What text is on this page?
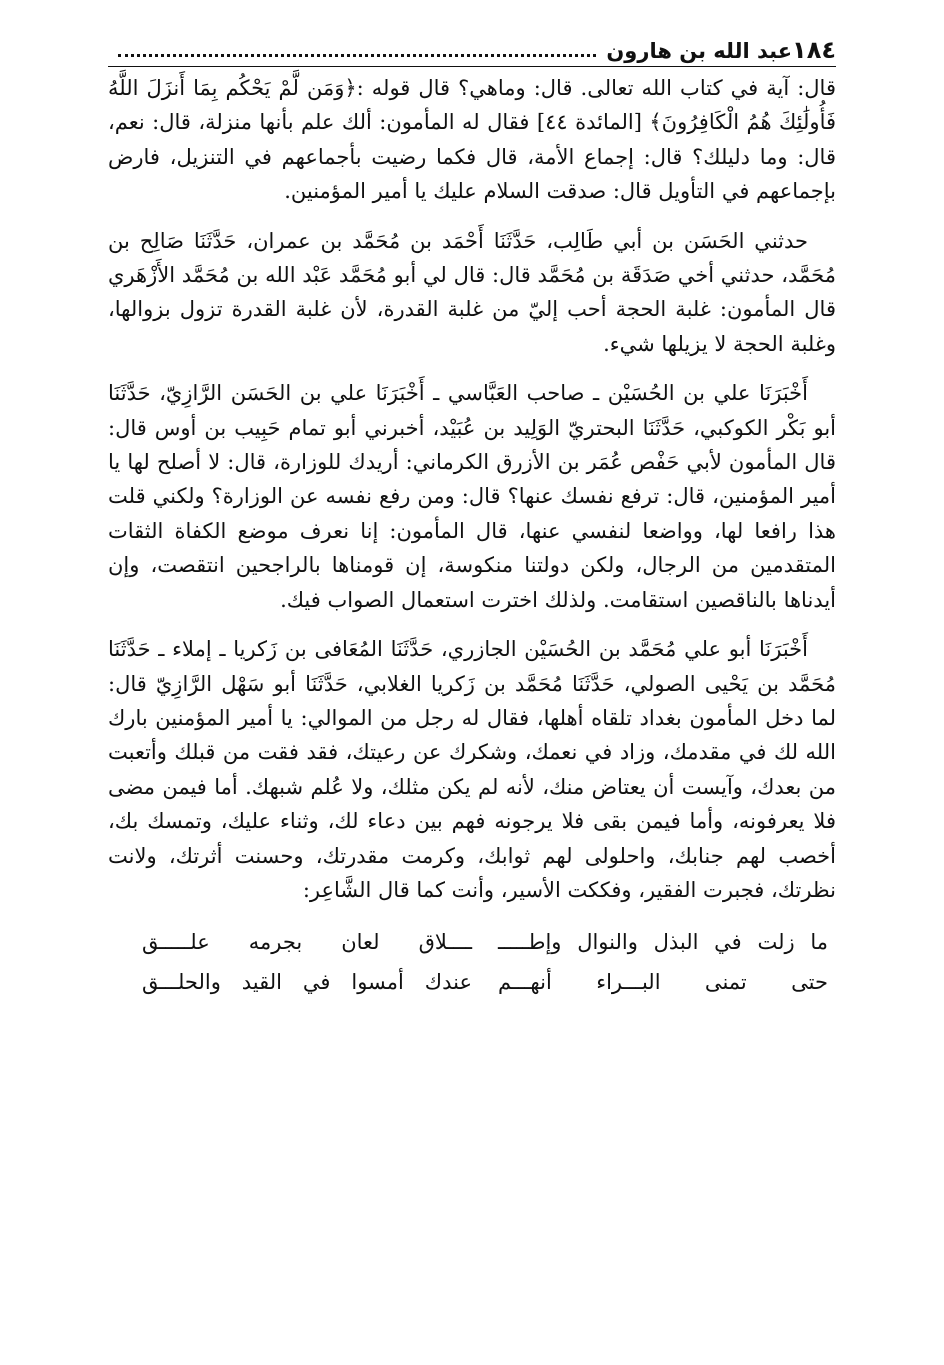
١٨٤
عبد الله بن هارون

قال: آية في كتاب الله تعالى. قال: وماهي؟ قال قوله :﴿وَمَن لَّمْ يَحْكُم بِمَا أَنزَلَ اللَّهُ فَأُولَٰئِكَ هُمُ الْكَافِرُونَ﴾ [المائدة ٤٤] فقال له المأمون: ألك علم بأنها منزلة، قال: نعم، قال: وما دليلك؟ قال: إجماع الأمة، قال فكما رضيت بأجماعهم في التنزيل، فارض بإجماعهم في التأويل قال: صدقت السلام عليك يا أمير المؤمنين.

حدثني الحَسَن بن أبي طَالِب، حَدَّثَنَا أَحْمَد بن مُحَمَّد بن عمران، حَدَّثَنَا صَالِح بن مُحَمَّد، حدثني أخي صَدَقَة بن مُحَمَّد قال: قال لي أبو مُحَمَّد عَبْد الله بن مُحَمَّد الأَزْهَري قال المأمون: غلبة الحجة أحب إليّ من غلبة القدرة، لأن غلبة القدرة تزول بزوالها، وغلبة الحجة لا يزيلها شيء.

أَخْبَرَنَا علي بن الحُسَيْن ـ صاحب العَبَّاسي ـ أَخْبَرَنَا علي بن الحَسَن الرَّازِيّ، حَدَّثَنَا أبو بَكْر الكوكبي، حَدَّثَنَا البحتريّ الوَلِيد بن عُبَيْد، أخبرني أبو تمام حَبِيب بن أوس قال: قال المأمون لأبي حَفْص عُمَر بن الأزرق الكرماني: أريدك للوزارة، قال: لا أصلح لها يا أمير المؤمنين، قال: ترفع نفسك عنها؟ قال: ومن رفع نفسه عن الوزارة؟ ولكني قلت هذا رافعا لها، وواضعا لنفسي عنها، قال المأمون: إنا نعرف موضع الكفاة الثقات المتقدمين من الرجال، ولكن دولتنا منكوسة، إن قومناها بالراجحين انتقصت، وإن أيدناها بالناقصين استقامت. ولذلك اخترت استعمال الصواب فيك.

أَخْبَرَنَا أبو علي مُحَمَّد بن الحُسَيْن الجازري، حَدَّثَنَا المُعَافى بن زَكريا ـ إملاء ـ حَدَّثَنَا مُحَمَّد بن يَحْيى الصولي، حَدَّثَنَا مُحَمَّد بن زَكريا الغلابي، حَدَّثَنَا أبو سَهْل الرَّازِيّ قال: لما دخل المأمون بغداد تلقاه أهلها، فقال له رجل من الموالي: يا أمير المؤمنين بارك الله لك في مقدمك، وزاد في نعمك، وشكرك عن رعيتك، فقد فقت من قبلك وأتعبت من بعدك، وآيست أن يعتاض منك، لأنه لم يكن مثلك، ولا عُلم شبهك. أما فيمن مضى فلا يعرفونه، وأما فيمن بقى فلا يرجونه فهم بين دعاء لك، وثناء عليك، وتمسك بك، أخصب لهم جنابك، واحلولى لهم ثوابك، وكرمت مقدرتك، وحسنت أثرتك، ولانت نظرتك، فجبرت الفقير، وفككت الأسير، وأنت كما قال الشَّاعِر:

ما زلت في البذل والنوال وإطـــــ
ــــلاق لعان بجرمه علـــــق
حتى تمنى البـــراء أنهـــم
عندك أمسوا في القيد والحلـــق
